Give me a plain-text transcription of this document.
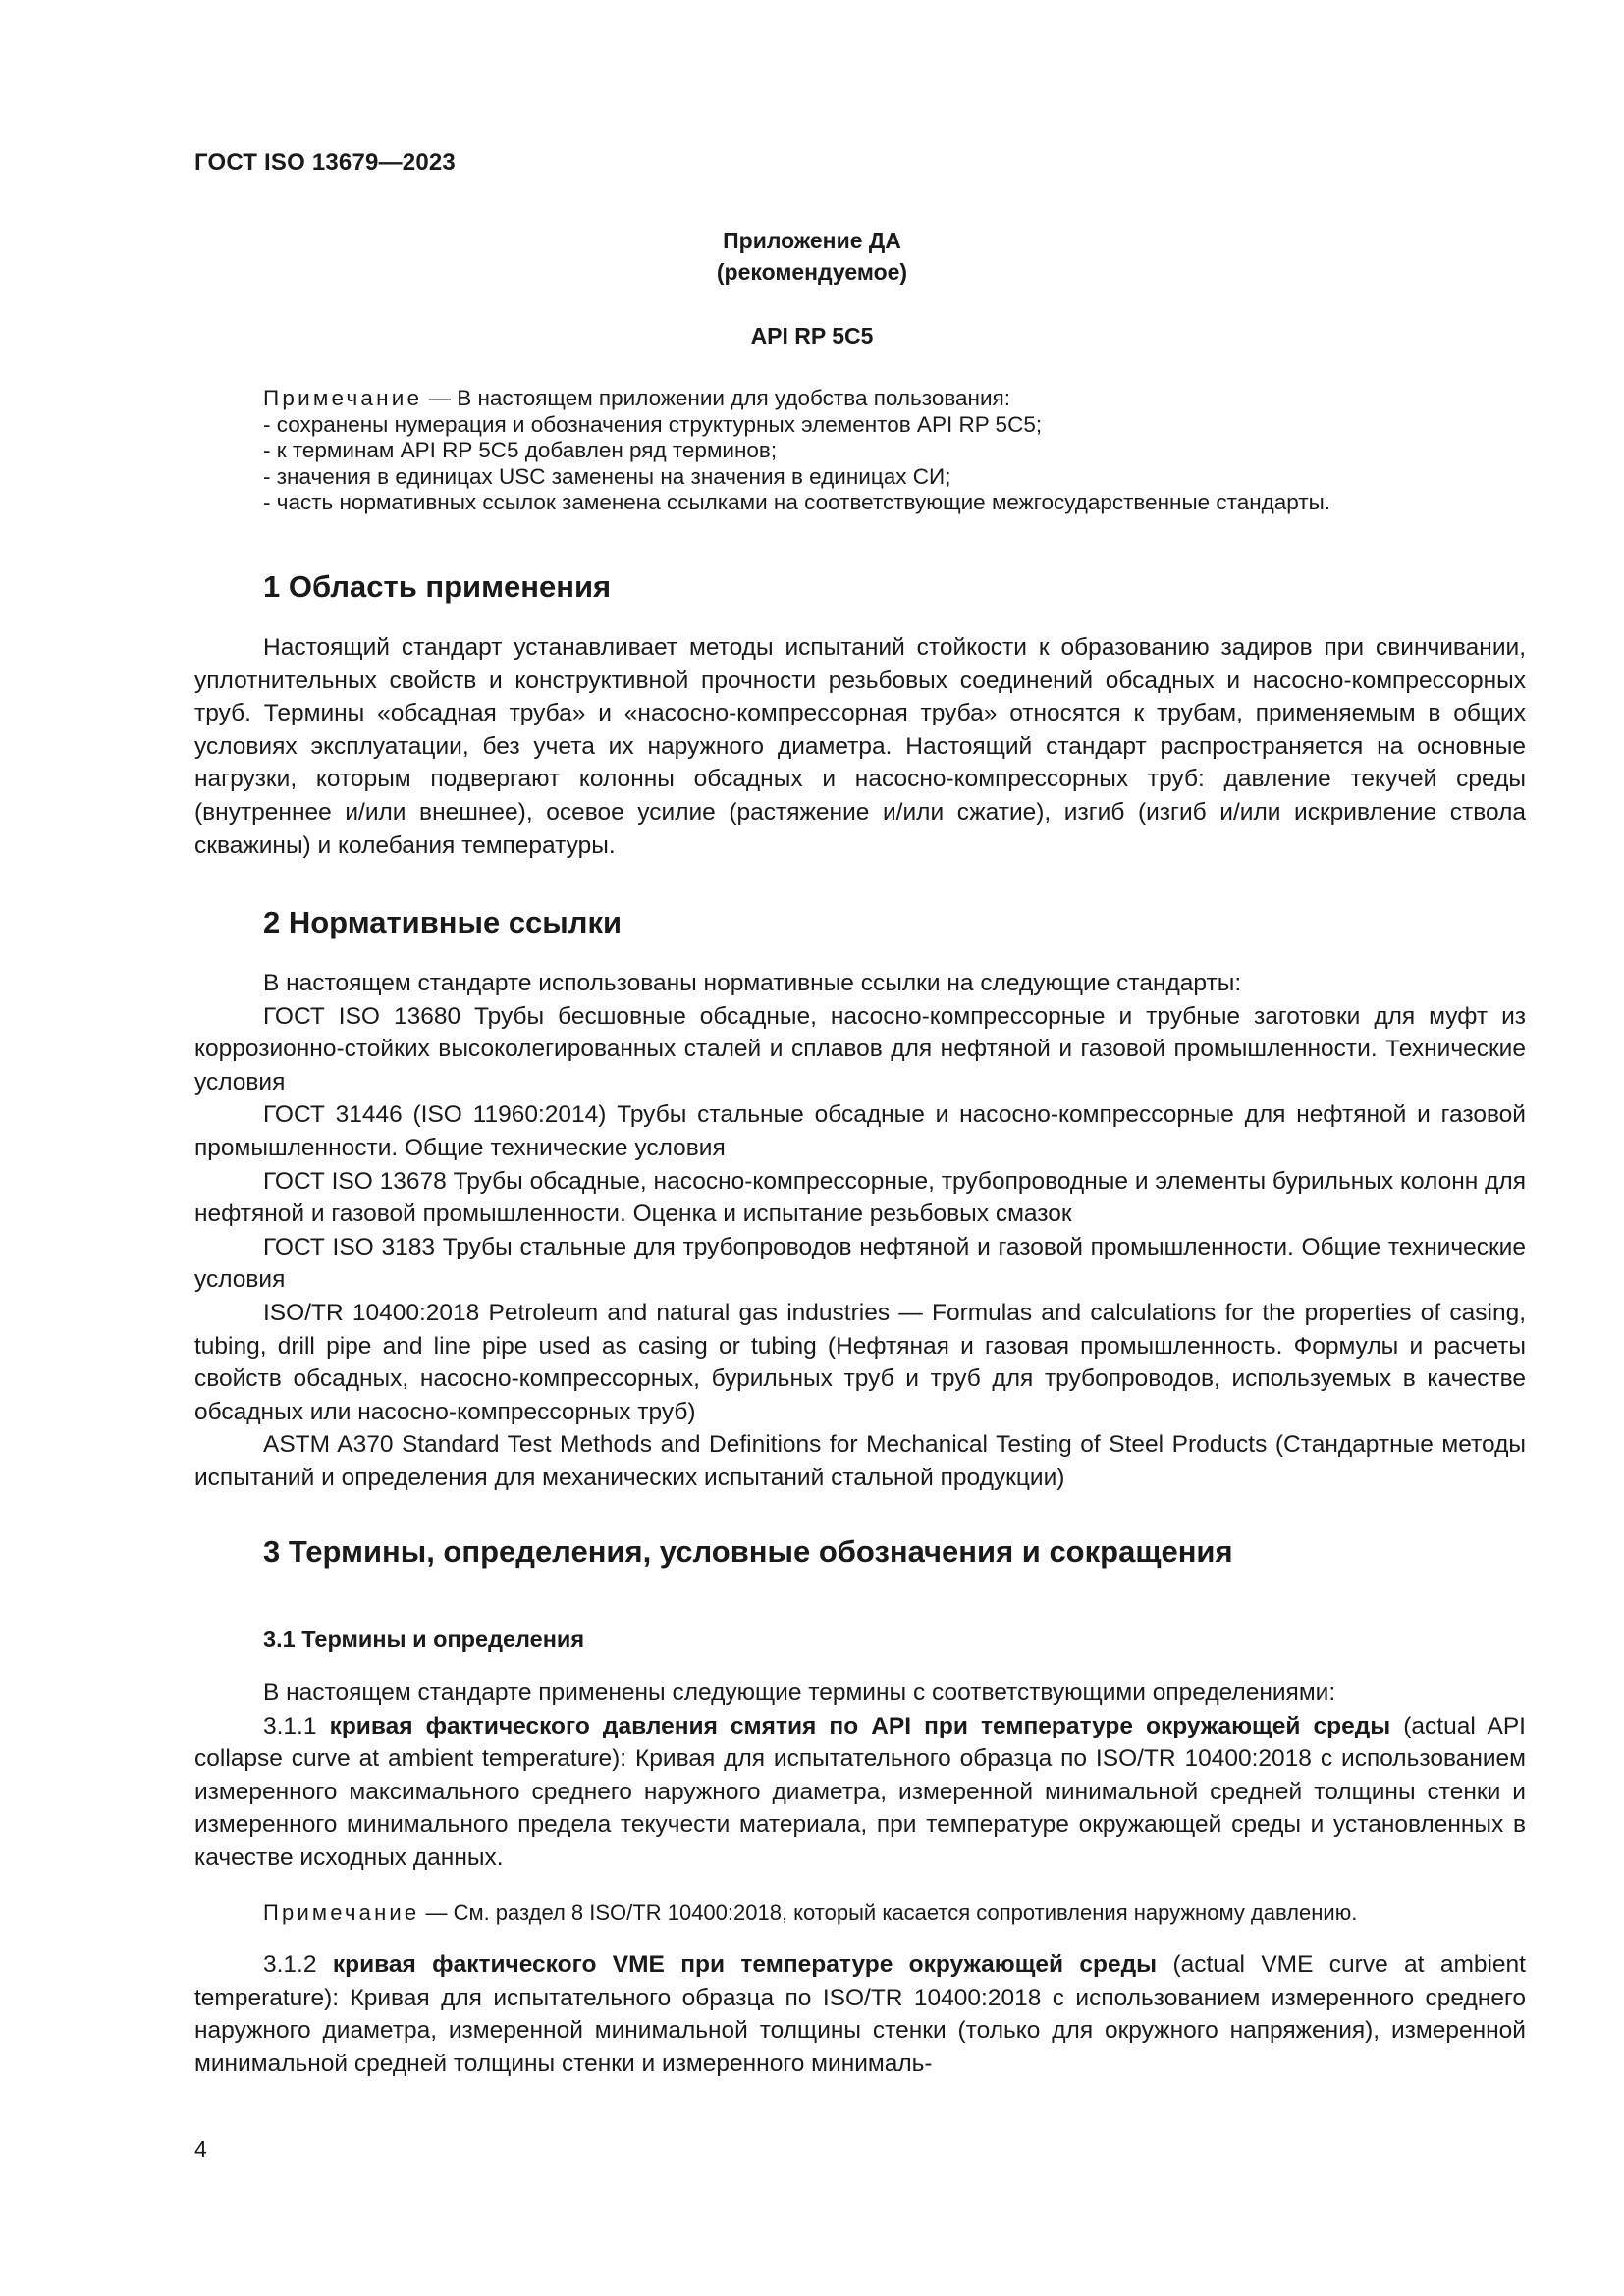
ГОСТ ISO 13679—2023
Приложение ДА
(рекомендуемое)
API RP 5C5
Примечание — В настоящем приложении для удобства пользования:
- сохранены нумерация и обозначения структурных элементов API RP 5C5;
- к терминам API RP 5C5 добавлен ряд терминов;
- значения в единицах USC заменены на значения в единицах СИ;
- часть нормативных ссылок заменена ссылками на соответствующие межгосударственные стандарты.
1 Область применения

Настоящий стандарт устанавливает методы испытаний стойкости к образованию задиров при свинчивании, уплотнительных свойств и конструктивной прочности резьбовых соединений обсадных и насосно-компрессорных труб. Термины «обсадная труба» и «насосно-компрессорная труба» относятся к трубам, применяемым в общих условиях эксплуатации, без учета их наружного диаметра. Настоящий стандарт распространяется на основные нагрузки, которым подвергают колонны обсадных и насосно-компрессорных труб: давление текучей среды (внутреннее и/или внешнее), осевое усилие (растяжение и/или сжатие), изгиб (изгиб и/или искривление ствола скважины) и колебания температуры.

2 Нормативные ссылки

В настоящем стандарте использованы нормативные ссылки на следующие стандарты:

ГОСТ ISO 13680 Трубы бесшовные обсадные, насосно-компрессорные и трубные заготовки для муфт из коррозионно-стойких высоколегированных сталей и сплавов для нефтяной и газовой промышленности. Технические условия

ГОСТ 31446 (ISO 11960:2014) Трубы стальные обсадные и насосно-компрессорные для нефтяной и газовой промышленности. Общие технические условия

ГОСТ ISO 13678 Трубы обсадные, насосно-компрессорные, трубопроводные и элементы бурильных колонн для нефтяной и газовой промышленности. Оценка и испытание резьбовых смазок

ГОСТ ISO 3183 Трубы стальные для трубопроводов нефтяной и газовой промышленности. Общие технические условия

ISO/TR 10400:2018 Petroleum and natural gas industries — Formulas and calculations for the properties of casing, tubing, drill pipe and line pipe used as casing or tubing (Нефтяная и газовая промышленность. Формулы и расчеты свойств обсадных, насосно-компрессорных, бурильных труб и труб для трубопроводов, используемых в качестве обсадных или насосно-компрессорных труб)

ASTM A370 Standard Test Methods and Definitions for Mechanical Testing of Steel Products (Стандартные методы испытаний и определения для механических испытаний стальной продукции)

3 Термины, определения, условные обозначения и сокращения
3.1 Термины и определения

В настоящем стандарте применены следующие термины с соответствующими определениями:

3.1.1 кривая фактического давления смятия по API при температуре окружающей среды (actual API collapse curve at ambient temperature): Кривая для испытательного образца по ISO/TR 10400:2018 с использованием измеренного максимального среднего наружного диаметра, измеренной минимальной средней толщины стенки и измеренного минимального предела текучести материала, при температуре окружающей среды и установленных в качестве исходных данных.

Примечание — См. раздел 8 ISO/TR 10400:2018, который касается сопротивления наружному давлению.

3.1.2 кривая фактического VME при температуре окружающей среды (actual VME curve at ambient temperature): Кривая для испытательного образца по ISO/TR 10400:2018 с использованием измеренного среднего наружного диаметра, измеренной минимальной толщины стенки (только для окружного напряжения), измеренной минимальной средней толщины стенки и измеренного минималь-

4
